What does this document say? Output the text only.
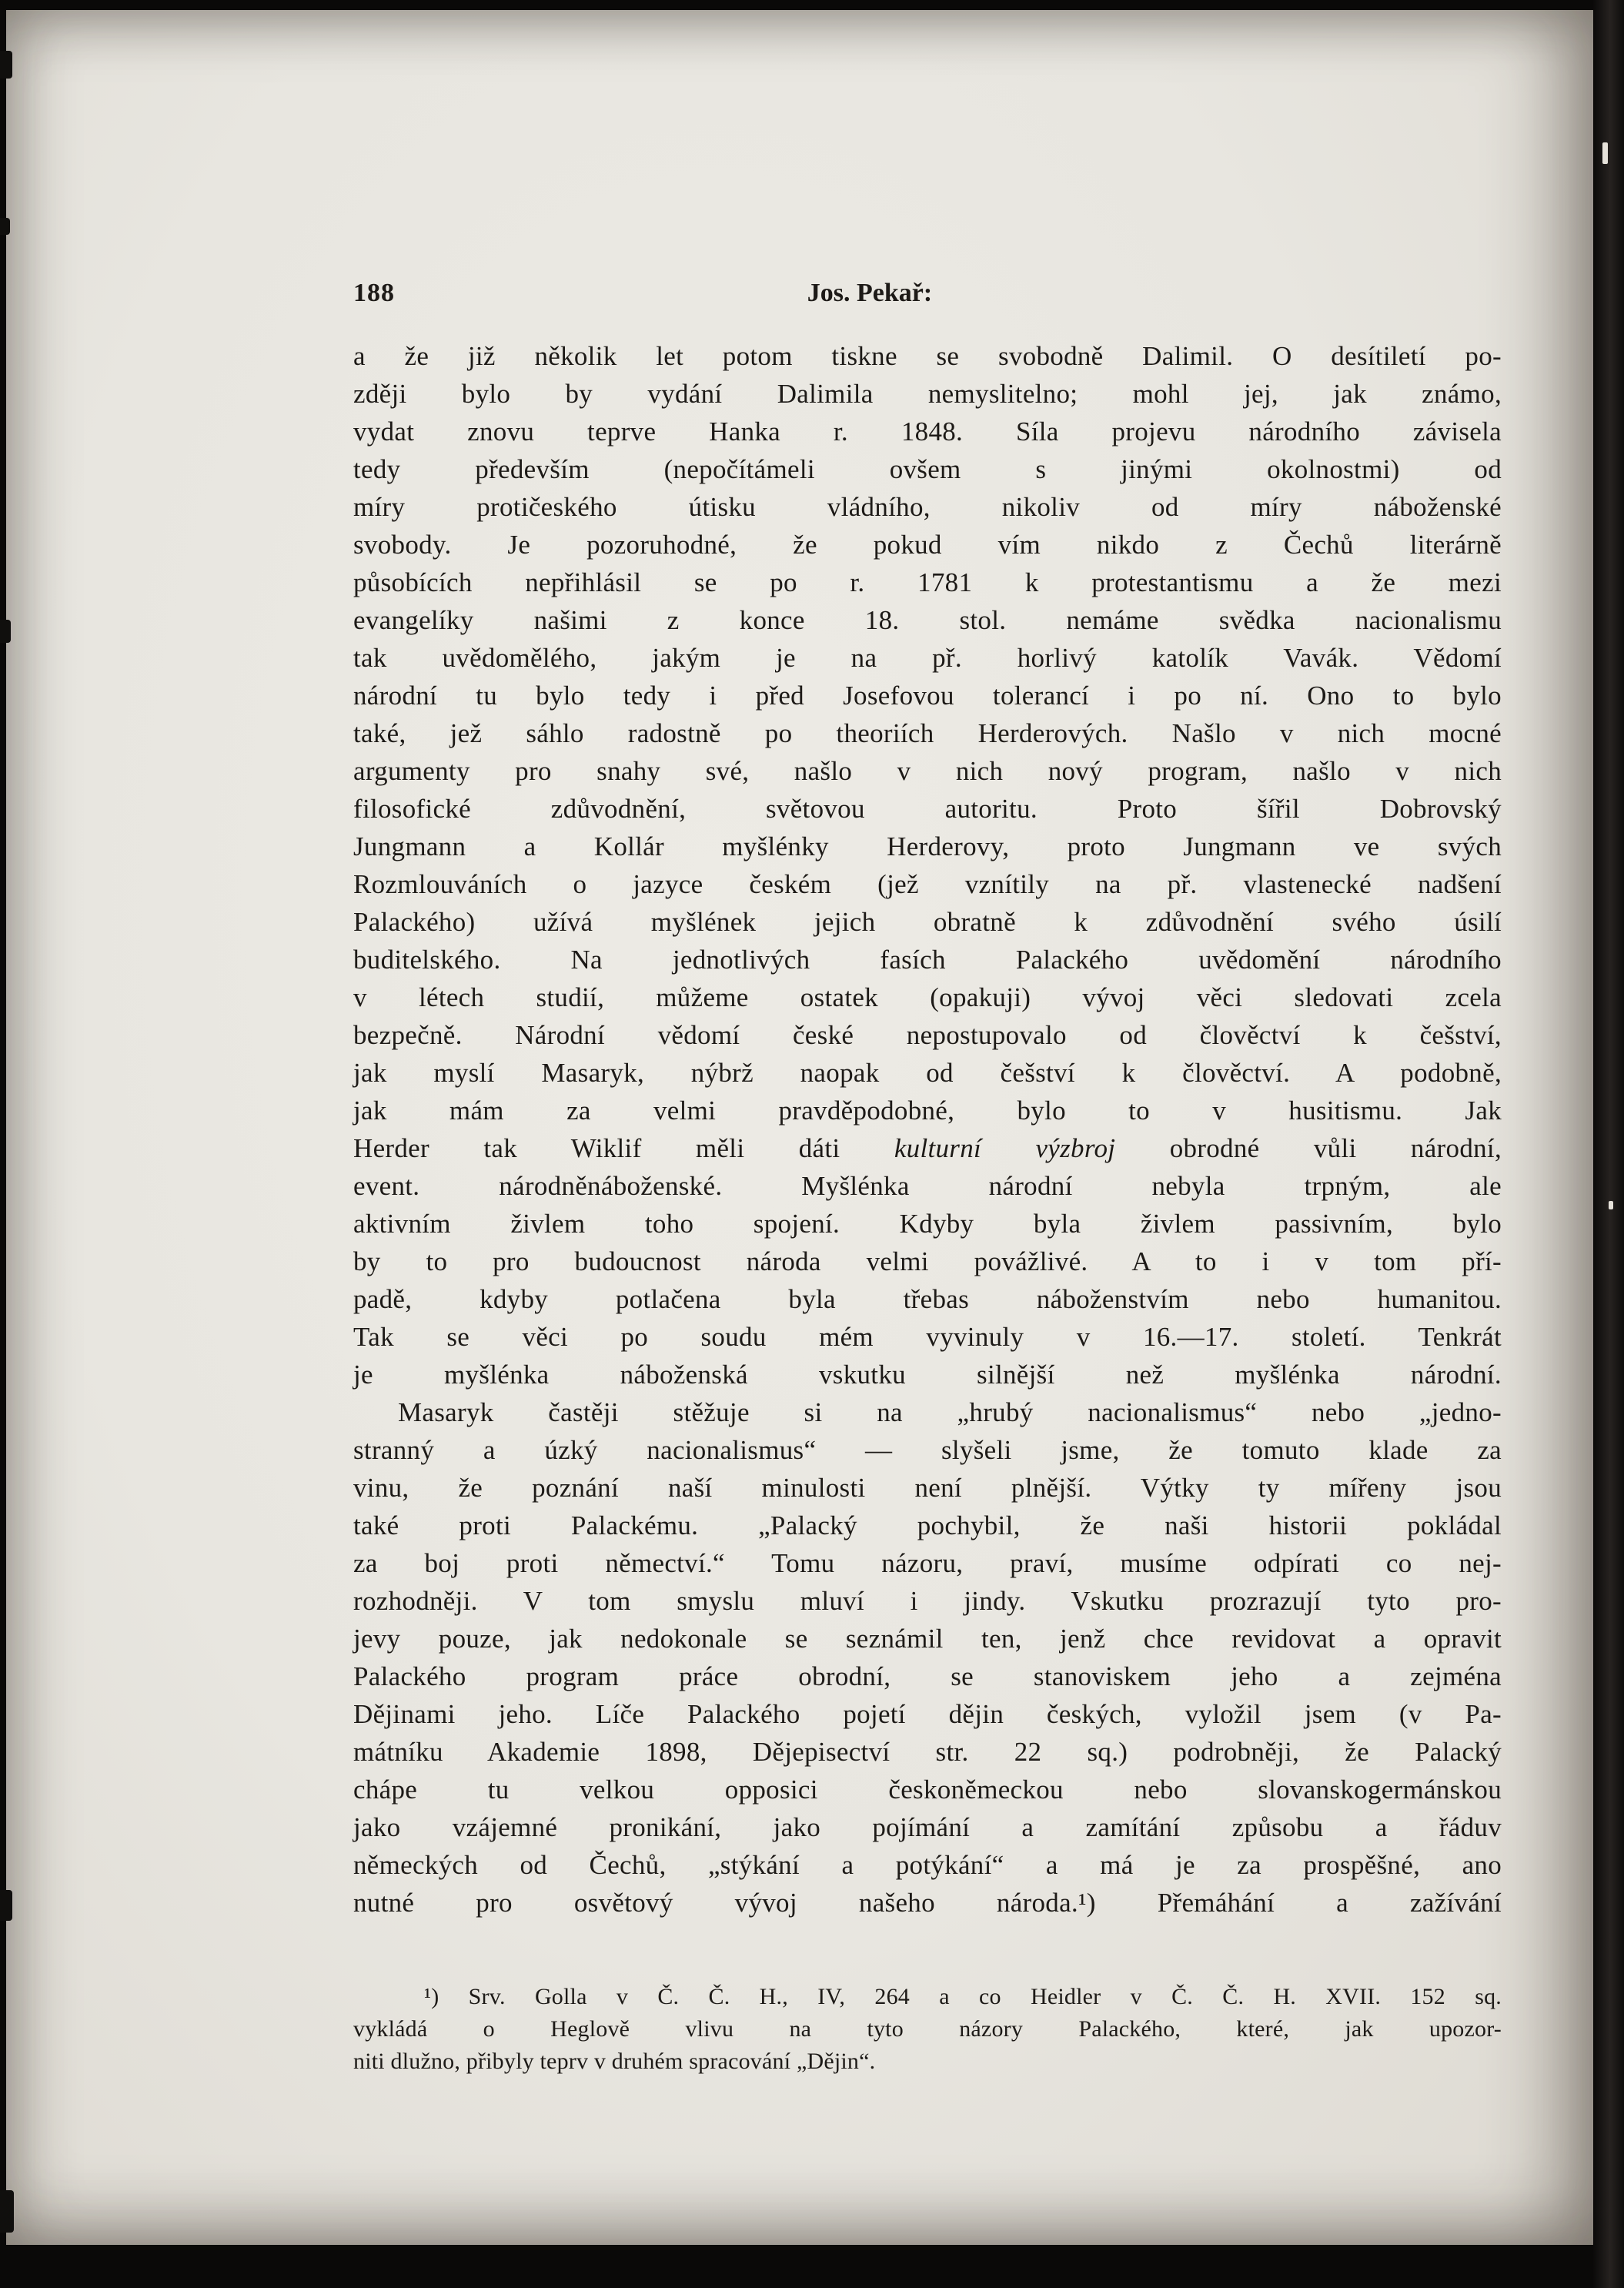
188	Jos. Pekař:
a že již několik let potom tiskne se svobodně Dalimil. O desítiletí po-
zději bylo by vydání Dalimila nemyslitelno; mohl jej, jak známo,
vydat znovu teprve Hanka r. 1848. Síla projevu národního závisela
tedy především (nepočítámeli ovšem s jinými okolnostmi) od
míry protičeského útisku vládního, nikoliv od míry náboženské
svobody. Je pozoruhodné, že pokud vím nikdo z Čechů literárně
působících nepřihlásil se po r. 1781 k protestantismu a že mezi
evangelíky našimi z konce 18. stol. nemáme svědka nacionalismu
tak uvědomělého, jakým je na př. horlivý katolík Vavák. Vědomí
národní tu bylo tedy i před Josefovou tolerancí i po ní. Ono to bylo
také, jež sáhlo radostně po theoriích Herderových. Našlo v nich mocné
argumenty pro snahy své, našlo v nich nový program, našlo v nich
filosofické zdůvodnění, světovou autoritu. Proto šířil Dobrovský
Jungmann a Kollár myšlénky Herderovy, proto Jungmann ve svých
Rozmlouváních o jazyce českém (jež vznítily na př. vlastenecké nadšení
Palackého) užívá myšlének jejich obratně k zdůvodnění svého úsilí
buditelského. Na jednotlivých fasích Palackého uvědomění národního
v létech studií, můžeme ostatek (opakuji) vývoj věci sledovati zcela
bezpečně. Národní vědomí české nepostupovalo od člověctví k češství,
jak myslí Masaryk, nýbrž naopak od češství k člověctví. A podobně,
jak mám za velmi pravděpodobné, bylo to v husitismu. Jak
Herder tak Wiklif měli dáti kulturní výzbroj obrodné vůli národní,
event. národněnáboženské. Myšlénka národní nebyla trpným, ale
aktivním živlem toho spojení. Kdyby byla živlem passivním, bylo
by to pro budoucnost národa velmi povážlivé. A to i v tom pří-
padě, kdyby potlačena byla třebas náboženstvím nebo humanitou.
Tak se věci po soudu mém vyvinuly v 16.—17. století. Tenkrát
je myšlénka náboženská vskutku silnější než myšlénka národní.
Masaryk častěji stěžuje si na „hrubý nacionalismus“ nebo „jedno-
stranný a úzký nacionalismus“ — slyšeli jsme, že tomuto klade za
vinu, že poznání naší minulosti není plnější. Výtky ty mířeny jsou
také proti Palackému. „Palacký pochybil, že naši historii pokládal
za boj proti němectví.“ Tomu názoru, praví, musíme odpírati co nej-
rozhodněji. V tom smyslu mluví i jindy. Vskutku prozrazují tyto pro-
jevy pouze, jak nedokonale se seznámil ten, jenž chce revidovat a opravit
Palackého program práce obrodní, se stanoviskem jeho a zejména
Dějinami jeho. Líče Palackého pojetí dějin českých, vyložil jsem (v Pa-
mátníku Akademie 1898, Dějepisectví str. 22 sq.) podrobněji, že Palacký
chápe tu velkou opposici českoněmeckou nebo slovanskogermánskou
jako vzájemné pronikání, jako pojímání a zamítání způsobu a řáduv
německých od Čechů, „stýkání a potýkání“ a má je za prospěšné, ano
nutné pro osvětový vývoj našeho národa.¹) Přemáhání a zažívání
¹) Srv. Golla v Č. Č. H., IV, 264 a co Heidler v Č. Č. H. XVII. 152 sq.
vykládá o Heglově vlivu na tyto názory Palackého, které, jak upozor-
niti dlužno, přibyly teprv v druhém spracování „Dějin“.
